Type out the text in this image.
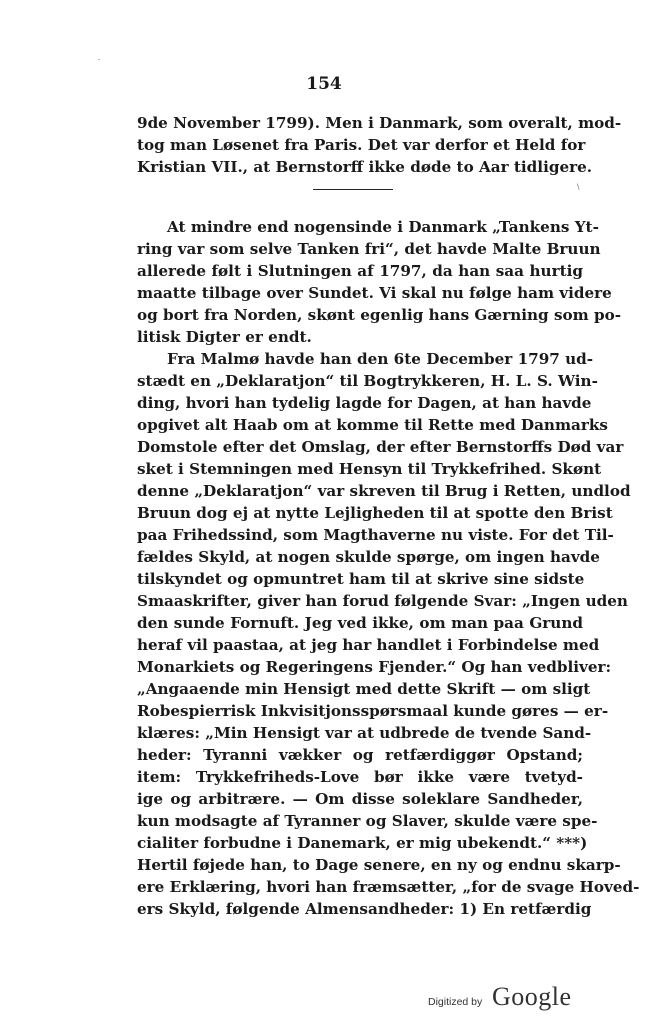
154
9de November 1799). Men i Danmark, som overalt, mod-
tog man Løsenet fra Paris. Det var derfor et Held for
Kristian VII., at Bernstorff ikke døde to Aar tidligere.
\
·
At mindre end nogensinde i Danmark „Tankens Yt-
ring var som selve Tanken fri“, det havde Malte Bruun
allerede følt i Slutningen af 1797, da han saa hurtig
maatte tilbage over Sundet. Vi skal nu følge ham videre
og bort fra Norden, skønt egenlig hans Gærning som po-
litisk Digter er endt.
Fra Malmø havde han den 6te December 1797 ud-
stædt en „Deklaratjon“ til Bogtrykkeren, H. L. S. Win-
ding, hvori han tydelig lagde for Dagen, at han havde
opgivet alt Haab om at komme til Rette med Danmarks
Domstole efter det Omslag, der efter Bernstorffs Død var
sket i Stemningen med Hensyn til Trykkefrihed. Skønt
denne „Deklaratjon“ var skreven til Brug i Retten, undlod
Bruun dog ej at nytte Lejligheden til at spotte den Brist
paa Frihedssind, som Magthaverne nu viste. For det Til-
fældes Skyld, at nogen skulde spørge, om ingen havde
tilskyndet og opmuntret ham til at skrive sine sidste
Smaaskrifter, giver han forud følgende Svar: „Ingen uden
den sunde Fornuft. Jeg ved ikke, om man paa Grund
heraf vil paastaa, at jeg har handlet i Forbindelse med
Monarkiets og Regeringens Fjender.“ Og han vedbliver:
„Angaaende min Hensigt med dette Skrift — om sligt
Robespierrisk Inkvisitjonsspørsmaal kunde gøres — er-
klæres: „Min Hensigt var at udbrede de tvende Sand-
heder: Tyranni vækker og retfærdiggør Opstand;
item: Trykkefriheds-Love bør ikke være tvetyd-
ige og arbitrære. — Om disse soleklare Sandheder,
kun modsagte af Tyranner og Slaver, skulde være spe-
cialiter forbudne i Danemark, er mig ubekendt.“ ***)
Hertil føjede han, to Dage senere, en ny og endnu skarp-
ere Erklæring, hvori han fræmsætter, „for de svage Hoved-
ers Skyld, følgende Almensandheder: 1) En retfærdig
Digitized by Google
